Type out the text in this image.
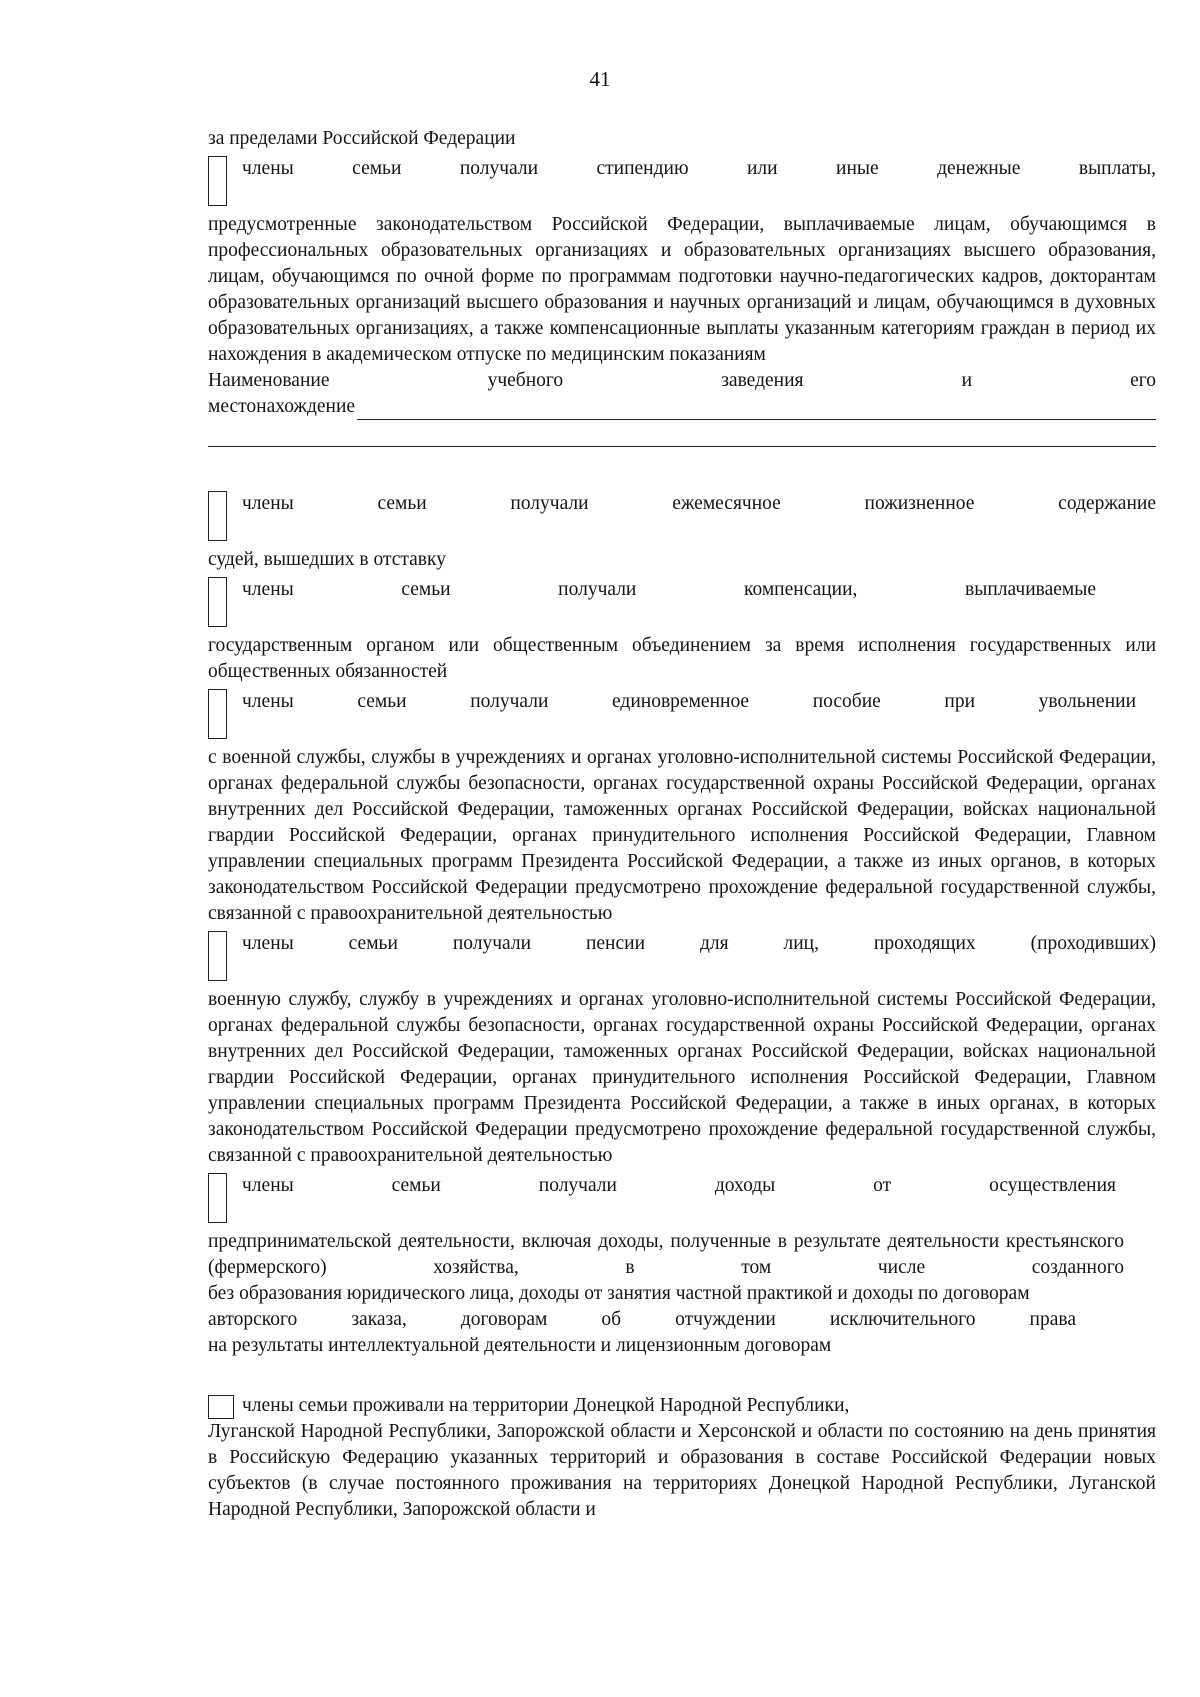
41
за пределами Российской Федерации
члены семьи получали стипендию или иные денежные выплаты,
предусмотренные законодательством Российской Федерации, выплачиваемые лицам, обучающимся в профессиональных образовательных организациях и образовательных организациях высшего образования, лицам, обучающимся по очной форме по программам подготовки научно-педагогических кадров, докторантам образовательных организаций высшего образования и научных организаций и лицам, обучающимся в духовных образовательных организациях, а также компенсационные выплаты указанным категориям граждан в период их нахождения в академическом отпуске по медицинским показаниям
Наименование учебного заведения и его
местонахождение
члены семьи получали ежемесячное пожизненное содержание
судей, вышедших в отставку
члены семьи получали компенсации, выплачиваемые
государственным органом или общественным объединением за время исполнения государственных или общественных обязанностей
члены семьи получали единовременное пособие при увольнении
с военной службы, службы в учреждениях и органах уголовно-исполнительной системы Российской Федерации, органах федеральной службы безопасности, органах государственной охраны Российской Федерации, органах внутренних дел Российской Федерации, таможенных органах Российской Федерации, войсках национальной гвардии Российской Федерации, органах принудительного исполнения Российской Федерации, Главном управлении специальных программ Президента Российской Федерации, а также из иных органов, в которых законодательством Российской Федерации предусмотрено прохождение федеральной государственной службы, связанной с правоохранительной деятельностью
члены семьи получали пенсии для лиц, проходящих (проходивших)
военную службу, службу в учреждениях и органах уголовно-исполнительной системы Российской Федерации, органах федеральной службы безопасности, органах государственной охраны Российской Федерации, органах внутренних дел Российской Федерации, таможенных органах Российской Федерации, войсках национальной гвардии Российской Федерации, органах принудительного исполнения Российской Федерации, Главном управлении специальных программ Президента Российской Федерации, а также в иных органах, в которых законодательством Российской Федерации предусмотрено прохождение федеральной государственной службы, связанной с правоохранительной деятельностью
члены семьи получали доходы от осуществления
предпринимательской деятельности, включая доходы, полученные в результате деятельности крестьянского (фермерского) хозяйства, в том числе созданного
без образования юридического лица, доходы от занятия частной практикой и доходы по договорам
авторского заказа, договорам об отчуждении исключительного права
на результаты интеллектуальной деятельности и лицензионным договорам
члены семьи проживали на территории Донецкой Народной Республики,
Луганской Народной Республики, Запорожской области и Херсонской и области по состоянию на день принятия в Российскую Федерацию указанных территорий и образования в составе Российской Федерации новых субъектов (в случае постоянного проживания на территориях Донецкой Народной Республики, Луганской Народной Республики, Запорожской области и
